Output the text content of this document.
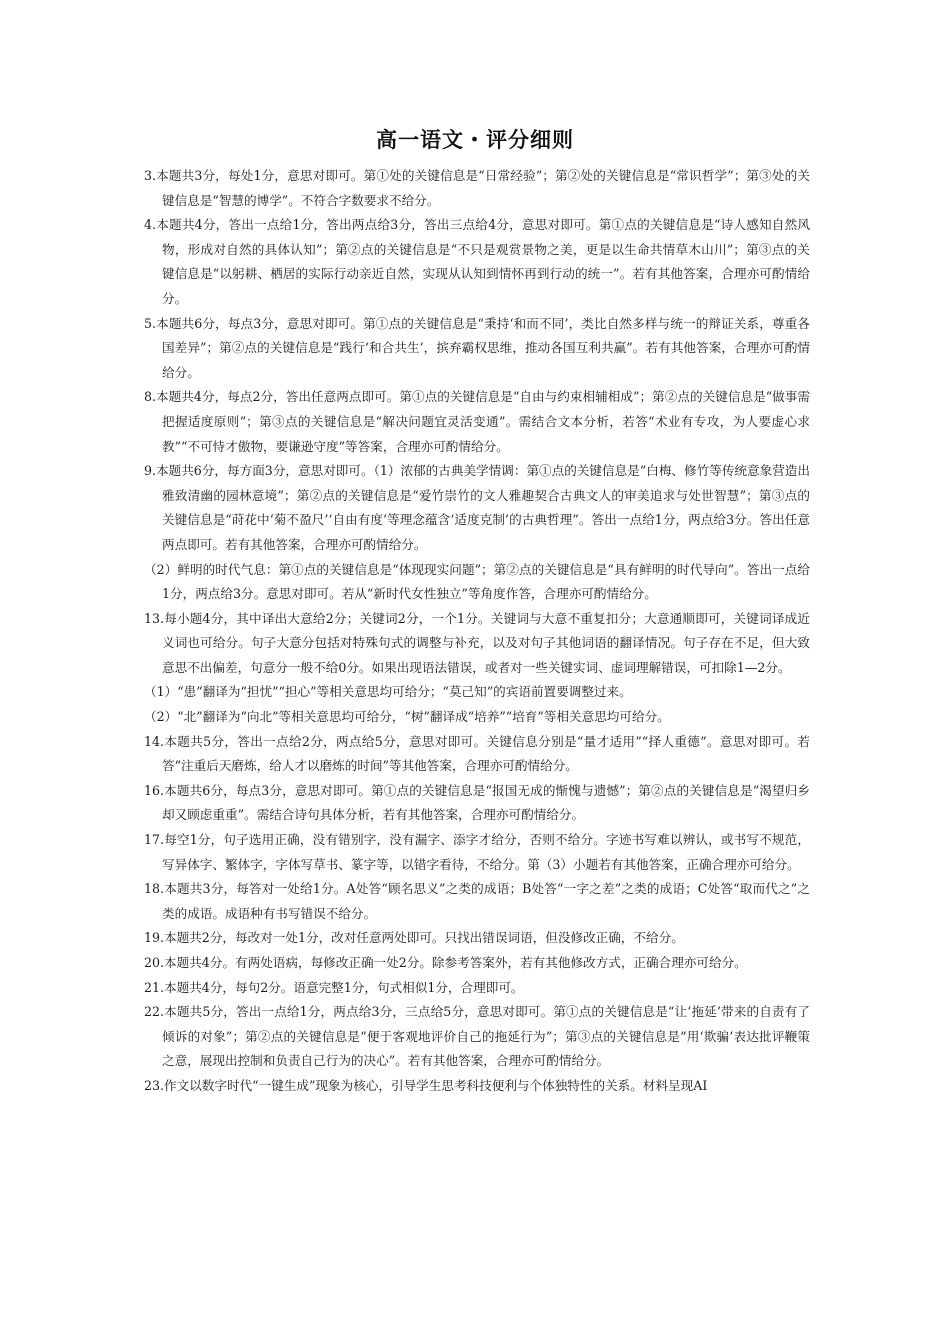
高一语文・评分细则
3.本题共3分，每处1分，意思对即可。第①处的关键信息是“日常经验”；第②处的关键信息是“常识哲学”；第③处的关键信息是“智慧的博学”。不符合字数要求不给分。
4.本题共4分，答出一点给1分，答出两点给3分，答出三点给4分，意思对即可。第①点的关键信息是“诗人感知自然风物，形成对自然的具体认知”；第②点的关键信息是“不只是观赏景物之美，更是以生命共情草木山川”；第③点的关键信息是“以躬耕、栖居的实际行动亲近自然，实现从认知到情怀再到行动的统一”。若有其他答案，合理亦可酌情给分。
5.本题共6分，每点3分，意思对即可。第①点的关键信息是“秉持‘和而不同’，类比自然多样与统一的辩证关系，尊重各国差异”；第②点的关键信息是“践行‘和合共生’，摈弃霸权思维，推动各国互利共赢”。若有其他答案，合理亦可酌情给分。
8.本题共4分，每点2分，答出任意两点即可。第①点的关键信息是“自由与约束相辅相成”；第②点的关键信息是“做事需把握适度原则”；第③点的关键信息是“解决问题宜灵活变通”。需结合文本分析，若答“术业有专攻，为人要虚心求教”“不可恃才傲物，要谦逊守度”等答案，合理亦可酌情给分。
9.本题共6分，每方面3分，意思对即可。（1）浓郁的古典美学情调：第①点的关键信息是“白梅、修竹等传统意象营造出雅致清幽的园林意境”；第②点的关键信息是“爱竹崇竹的文人雅趣契合古典文人的审美追求与处世智慧”；第③点的关键信息是“莳花中‘菊不盈尺’‘自由有度’等理念蕴含‘适度克制’的古典哲理”。答出一点给1分，两点给3分。答出任意两点即可。若有其他答案，合理亦可酌情给分。
（2）鲜明的时代气息：第①点的关键信息是“体现现实问题”；第②点的关键信息是“具有鲜明的时代导向”。答出一点给1分，两点给3分。意思对即可。若从“新时代女性独立”等角度作答，合理亦可酌情给分。
13.每小题4分，其中译出大意给2分；关键词2分，一个1分。关键词与大意不重复扣分；大意通顺即可，关键词译成近义词也可给分。句子大意分包括对特殊句式的调整与补充，以及对句子其他词语的翻译情况。句子存在不足，但大致意思不出偏差，句意分一般不给0分。如果出现语法错误，或者对一些关键实词、虚词理解错误，可扣除1—2分。
（1）“患”翻译为“担忧”“担心”等相关意思均可给分；“莫己知”的宾语前置要调整过来。
（2）“北”翻译为“向北”等相关意思均可给分，“树”翻译成“培养”“培育”等相关意思均可给分。
14.本题共5分，答出一点给2分，两点给5分，意思对即可。关键信息分别是“量才适用”“择人重德”。意思对即可。若答“注重后天磨炼，给人才以磨炼的时间”等其他答案，合理亦可酌情给分。
16.本题共6分，每点3分，意思对即可。第①点的关键信息是“报国无成的惭愧与遗憾”；第②点的关键信息是“渴望归乡却又顾虑重重”。需结合诗句具体分析，若有其他答案，合理亦可酌情给分。
17.每空1分，句子选用正确，没有错别字，没有漏字、添字才给分，否则不给分。字迹书写难以辨认，或书写不规范，写异体字、繁体字，字体写草书、篆字等，以错字看待，不给分。第（3）小题若有其他答案，正确合理亦可给分。
18.本题共3分，每答对一处给1分。A处答“顾名思义”之类的成语；B处答“一字之差”之类的成语；C处答“取而代之”之类的成语。成语种有书写错误不给分。
19.本题共2分，每改对一处1分，改对任意两处即可。只找出错误词语，但没修改正确，不给分。
20.本题共4分。有两处语病，每修改正确一处2分。除参考答案外，若有其他修改方式，正确合理亦可给分。
21.本题共4分，每句2分。语意完整1分，句式相似1分，合理即可。
22.本题共5分，答出一点给1分，两点给3分，三点给5分，意思对即可。第①点的关键信息是“让‘拖延’带来的自责有了倾诉的对象”；第②点的关键信息是“便于客观地评价自己的拖延行为”；第③点的关键信息是“用‘欺骗’表达批评鞭策之意，展现出控制和负责自己行为的决心”。若有其他答案，合理亦可酌情给分。
23.作文以数字时代“一键生成”现象为核心，引导学生思考科技便利与个体独特性的关系。材料呈现AI
